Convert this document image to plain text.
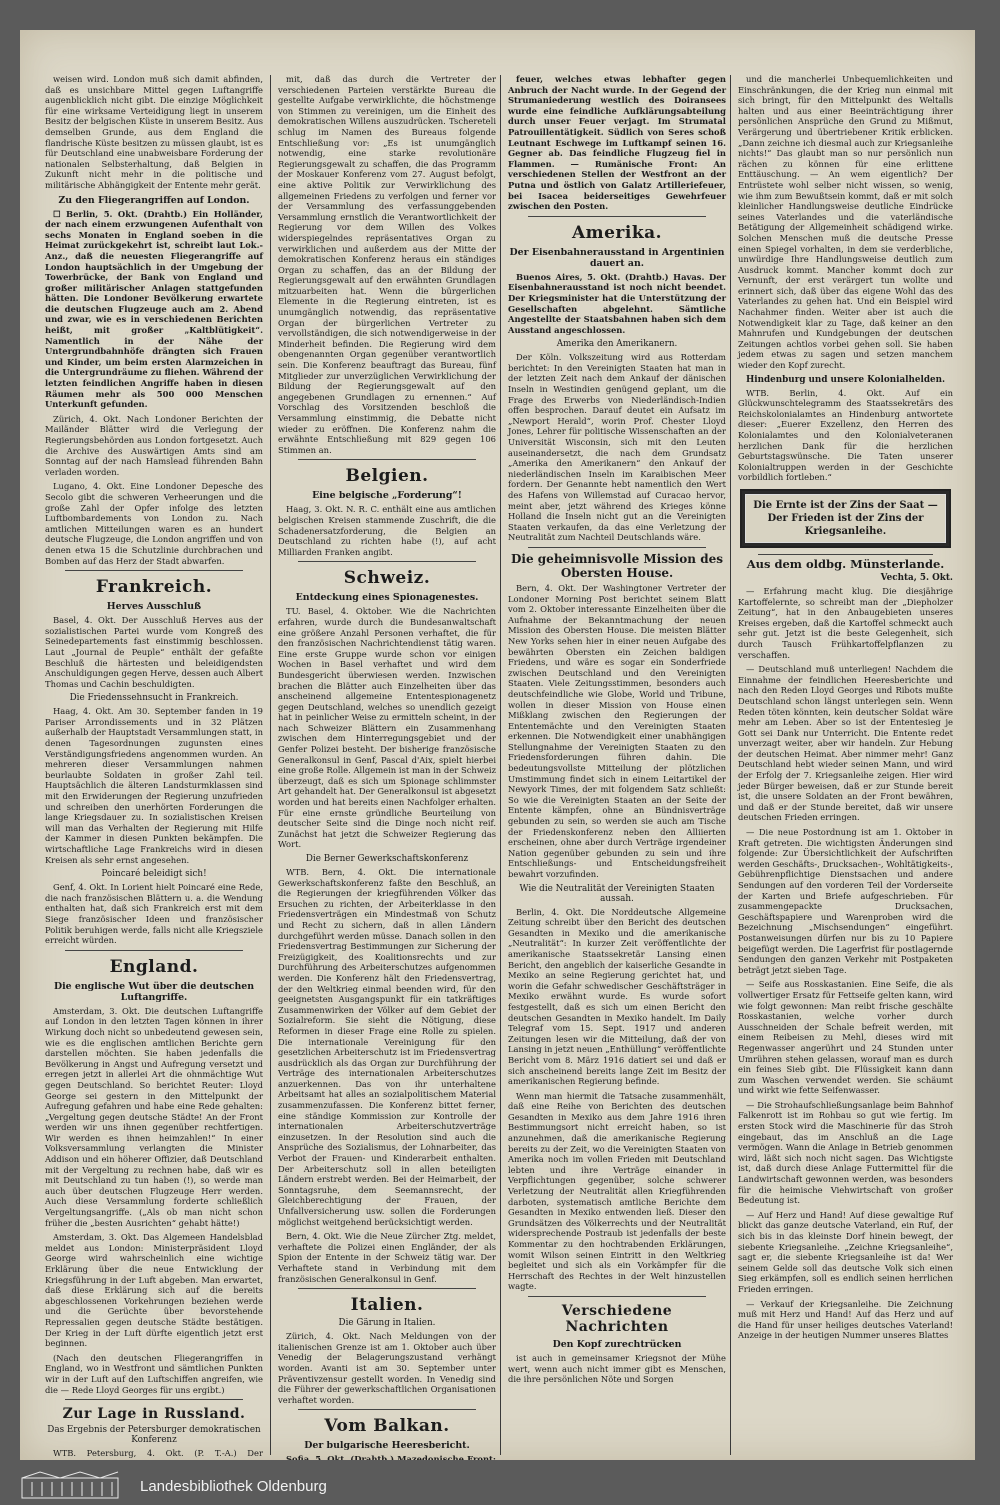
weisen wird. London muß sich damit abfinden, daß es unsichbare Mittel gegen Luftangriffe augenblicklich nicht gibt. Die einzige Möglichkeit für eine wirksame Verteidigung liegt in unserem Besitz der belgischen Küste in unserem Besitz. Aus demselben Grunde, aus dem England die flandrische Küste besitzen zu müssen glaubt, ist es für Deutschland eine unabweisbare Forderung der nationalen Selbsterhaltung, daß Belgien in Zukunft nicht mehr in die politische und militärische Abhängigkeit der Entente mehr gerät.

Zu den Fliegerangriffen auf London.

☐ Berlin, 5. Okt. (Drahtb.) Ein Holländer, der nach einem erzwungenen Aufenthalt von sechs Monaten in England soeben in die Heimat zurückgekehrt ist, schreibt laut Lok.-Anz., daß die neuesten Fliegerangriffe auf London hauptsächlich in der Umgebung der Towerbrücke, der Bank von England und großer militärischer Anlagen stattgefunden hätten. Die Londoner Bevölkerung erwartete die deutschen Flugzeuge auch am 2. Abend und zwar, wie es in verschiedenen Berichten heißt, mit großer „Kaltblütigkeit“. Namentlich in der Nähe der Untergrundbahnhöfe drängten sich Frauen und Kinder, um beim ersten Alarmzeichen in die Untergrundräume zu fliehen. Während der letzten feindlichen Angriffe haben in diesen Räumen mehr als 500 000 Menschen Unterkunft gefunden.

Zürich, 4. Okt. Nach Londoner Berichten der Mailänder Blätter wird die Verlegung der Regierungsbehörden aus London fortgesetzt. Auch die Archive des Auswärtigen Amts sind am Sonntag auf der nach Hamslead führenden Bahn verladen worden.

Lugano, 4. Okt. Eine Londoner Depesche des Secolo gibt die schweren Verheerungen und die große Zahl der Opfer infolge des letzten Luftbombardements von London zu. Nach amtlichen Mitteilungen waren es an hundert deutsche Flugzeuge, die London angriffen und von denen etwa 15 die Schutzlinie durchbrachen und Bomben auf das Herz der Stadt abwarfen.

Frankreich.
Herves Ausschluß

Basel, 4. Okt. Der Ausschluß Herves aus der sozialistischen Partei wurde vom Kongreß des Seinedepartements fast einstimmig beschlossen. Laut „Journal de Peuple“ enthält der gefaßte Beschluß die härtesten und beleidigendsten Anschuldigungen gegen Herve, dessen auch Albert Thomas und Cachin beschuldigten.

Die Friedenssehnsucht in Frankreich.

Haag, 4. Okt. Am 30. September fanden in 19 Pariser Arrondissements und in 32 Plätzen außerhalb der Hauptstadt Versammlungen statt, in denen Tagesordnungen zugunsten eines Verständigungsfriedens angenommen wurden. An mehreren dieser Versammlungen nahmen beurlaubte Soldaten in großer Zahl teil. Hauptsächlich die älteren Landsturmklassen sind mit den Erwiderungen der Regierung unzufrieden und schreiben den unerhörten Forderungen die lange Kriegsdauer zu. In sozialistischen Kreisen will man das Verhalten der Regierung mit Hilfe der Kammer in diesen Punkten bekämpfen. Die wirtschaftliche Lage Frankreichs wird in diesen Kreisen als sehr ernst angesehen.

Poincaré beleidigt sich!

Genf, 4. Okt. In Lorient hielt Poincaré eine Rede, die nach französischen Blättern u. a. die Wendung enthalten hat, daß sich Frankreich erst mit dem Siege französischer Ideen und französischer Politik beruhigen werde, falls nicht alle Kriegsziele erreicht würden.

England.
Die englische Wut über die deutschen Luftangriffe.

Amsterdam, 3. Okt. Die deutschen Luftangriffe auf London in den letzten Tagen können in ihrer Wirkung doch nicht so unbedeutend gewesen sein, wie es die englischen amtlichen Berichte gern darstellen möchten. Sie haben jedenfalls die Bevölkerung in Angst und Aufregung versetzt und erregen jetzt in allerlei Art die ohnmächtige Wut gegen Deutschland. So berichtet Reuter: Lloyd George sei gestern in den Mittelpunkt der Aufregung gefahren und habe eine Rede gehalten: „Vergeltung gegen deutsche Städte! An der Front werden wir uns ihnen gegenüber rechtfertigen. Wir werden es ihnen heimzahlen!“ In einer Volksversammlung verlangten die Minister Addison und ein höherer Offizier, daß Deutschland mit der Vergeltung zu rechnen habe, daß wir es mit Deutschland zu tun haben (!), so werde man auch über deutschen Flugzeuge Herr werden. Auch diese Versammlung forderte schließlich Vergeltungsangriffe. („Als ob man nicht schon früher die „besten Ausrichten“ gehabt hätte!)

Amsterdam, 3. Okt. Das Algemeen Handelsblad meldet aus London: Ministerpräsident Lloyd George wird wahrscheinlich eine wichtige Erklärung über die neue Entwicklung der Kriegsführung in der Luft abgeben. Man erwartet, daß diese Erklärung sich auf die bereits abgeschlossenen Vorkehrungen beziehen werde und die Gerüchte über bevorstehende Repressalien gegen deutsche Städte bestätigen. Der Krieg in der Luft dürfte eigentlich jetzt erst beginnen.

(Nach den deutschen Fliegerangriffen in England, wo in Westfront und sämtlichen Punkten wir in der Luft auf den Luftschiffen angreifen, wie die — Rede Lloyd Georges für uns ergibt.)

Zur Lage in Russland.
Das Ergebnis der Petersburger demokratischen Konferenz

WTB. Petersburg, 4. Okt. (P. T.-A.) Der

mit, daß das durch die Vertreter der verschiedenen Parteien verstärkte Bureau die gestellte Aufgabe verwirklichte, die höchstmenge von Stimmen zu vereinigen, um die Einheit des demokratischen Willens auszudrücken. Tschereteli schlug im Namen des Bureaus folgende Entschließung vor: „Es ist unumgänglich notwendig, eine starke revolutionäre Regierungsgewalt zu schaffen, die das Programm der Moskauer Konferenz vom 27. August befolgt, eine aktive Politik zur Verwirklichung des allgemeinen Friedens zu verfolgen und ferner vor der Versammlung des verfassunggebenden Versammlung ernstlich die Verantwortlichkeit der Regierung vor dem Willen des Volkes widerspiegelndes repräsentatives Organ zu verwirklichen und außerdem aus der Mitte der demokratischen Konferenz heraus ein ständiges Organ zu schaffen, das an der Bildung der Regierungsgewalt auf den erwähnten Grundlagen mitzuarbeiten hat. Wenn die bürgerlichen Elemente in die Regierung eintreten, ist es unumgänglich notwendig, das repräsentative Organ der bürgerlichen Vertreter zu vervollständigen, die sich notwendigerweise in der Minderheit befinden. Die Regierung wird dem obengenannten Organ gegenüber verantwortlich sein. Die Konferenz beauftragt das Bureau, fünf Mitglieder zur unverzüglichen Verwirklichung der Bildung der Regierungsgewalt auf den angegebenen Grundlagen zu ernennen.“ Auf Vorschlag des Vorsitzenden beschloß die Versammlung einstimmig, die Debatte nicht wieder zu eröffnen. Die Konferenz nahm die erwähnte Entschließung mit 829 gegen 106 Stimmen an.

Belgien.
Eine belgische „Forderung“!

Haag, 3. Okt. N. R. C. enthält eine aus amtlichen belgischen Kreisen stammende Zuschrift, die die Schadenersatzforderung, die Belgien an Deutschland zu richten habe (!), auf acht Milliarden Franken angibt.

Schweiz.
Entdeckung eines Spionagenestes.

TU. Basel, 4. Oktober. Wie die Nachrichten erfahren, wurde durch die Bundesanwaltschaft eine größere Anzahl Personen verhaftet, die für den französischen Nachrichtendienst tätig waren. Eine erste Gruppe wurde schon vor einigen Wochen in Basel verhaftet und wird dem Bundesgericht überwiesen werden. Inzwischen brachen die Blätter auch Einzelheiten über das anscheinend allgemeine Ententespionagenetz gegen Deutschland, welches so unendlich gezeigt hat in peinlicher Weise zu ermitteln scheint, in der nach Schweizer Blättern ein Zusammenhang zwischen dem Hinterregungsgebiet und der Genfer Polizei besteht. Der bisherige französische Generalkonsul in Genf, Pascal d'Aix, spielt hierbei eine große Rolle. Allgemein ist man in der Schweiz überzeugt, daß es sich um Spionage schlimmster Art gehandelt hat. Der Generalkonsul ist abgesetzt worden und hat bereits einen Nachfolger erhalten. Für eine ernste gründliche Beurteilung von deutscher Seite sind die Dinge noch nicht reif. Zunächst hat jetzt die Schweizer Regierung das Wort.

Die Berner Gewerkschaftskonferenz

WTB. Bern, 4. Okt. Die internationale Gewerkschaftskonferenz faßte den Beschluß, an die Regierungen der kriegführenden Völker das Ersuchen zu richten, der Arbeiterklasse in den Friedensverträgen ein Mindestmaß von Schutz und Recht zu sichern, daß in allen Ländern durchgeführt werden müsse. Danach sollen in den Friedensvertrag Bestimmungen zur Sicherung der Freizügigkeit, des Koalitionsrechts und zur Durchführung des Arbeiterschutzes aufgenommen werden. Die Konferenz hält den Friedensvertrag, der den Weltkrieg einmal beenden wird, für den geeignetsten Ausgangspunkt für ein tatkräftiges Zusammenwirken der Völker auf dem Gebiet der Sozialreform. Sie sieht die Nötigung, diese Reformen in dieser Frage eine Rolle zu spielen. Die internationale Vereinigung für den gesetzlichen Arbeiterschutz ist im Friedensvertrag ausdrücklich als das Organ zur Durchführung der Verträge des internationalen Arbeiterschutzes anzuerkennen. Das von ihr unterhaltene Arbeitsamt hat alles an sozialpolitischem Material zusammenzufassen. Die Konferenz bittet ferner, eine ständige Kommission zur Kontrolle der internationalen Arbeiterschutzverträge einzusetzen. In der Resolution sind auch die Ansprüche des Sozialismus, der Lohnarbeiter, das Verbot der Frauen- und Kinderarbeit enthalten. Der Arbeiterschutz soll in allen beteiligten Ländern erstrebt werden. Bei der Heimarbeit, der Sonntagsruhe, dem Seemannsrecht, der Gleichberechtigung der Frauen, der Unfallversicherung usw. sollen die Forderungen möglichst weitgehend berücksichtigt werden.

Bern, 4. Okt. Wie die Neue Zürcher Ztg. meldet, verhaftete die Polizei einen Engländer, der als Spion der Entente in der Schweiz tätig war. Der Verhaftete stand in Verbindung mit dem französischen Generalkonsul in Genf.

Italien.
Die Gärung in Italien.

Zürich, 4. Okt. Nach Meldungen von der italienischen Grenze ist am 1. Oktober auch über Venedig der Belagerungszustand verhängt worden. Avanti ist am 30. September unter Präventivzensur gestellt worden. In Venedig sind die Führer der gewerkschaftlichen Organisationen verhaftet worden.

Vom Balkan.
Der bulgarische Heeresbericht.

feuer, welches etwas lebhafter gegen Anbruch der Nacht wurde. In der Gegend der Strumaniederung westlich des Doiransees wurde eine feindliche Aufklärungsabteilung durch unser Feuer verjagt. Im Strumatal Patrouillentätigkeit. Südlich von Seres schoß Leutnant Eschwege im Luftkampf seinen 16. Gegner ab. Das feindliche Flugzeug fiel in Flammen. — Rumänische Front: An verschiedenen Stellen der Westfront an der Putna und östlich von Galatz Artilleriefeuer, bei Isacea beiderseitiges Gewehrfeuer zwischen den Posten.

Amerika.
Der Eisenbahnerausstand in Argentinien dauert an.

Buenos Aires, 5. Okt. (Drahtb.) Havas. Der Eisenbahnerausstand ist noch nicht beendet. Der Kriegsminister hat die Unterstützung der Gesellschaften abgelehnt. Sämtliche Angestellte der Staatsbahnen haben sich dem Ausstand angeschlossen.

Amerika den Amerikanern.

Der Köln. Volkszeitung wird aus Rotterdam berichtet: In den Vereinigten Staaten hat man in der letzten Zeit nach dem Ankauf der dänischen Inseln in Westindien genügend geplant, um die Frage des Erwerbs von Niederländisch-Indien offen besprochen. Darauf deutet ein Aufsatz im „Newport Herald“, worin Prof. Chester Lloyd Jones, Lehrer für politische Wissenschaften an der Universität Wisconsin, sich mit den Leuten auseinandersetzt, die nach dem Grundsatz „Amerika den Amerikanern“ den Ankauf der niederländischen Inseln im Karaibischen Meer fordern. Der Genannte hebt namentlich den Wert des Hafens von Willemstad auf Curacao hervor, meint aber, jetzt während des Krieges könne Holland die Inseln nicht gut an die Vereinigten Staaten verkaufen, da das eine Verletzung der Neutralität zum Nachteil Deutschlands wäre.

Die geheimnisvolle Mission des Obersten House.

Bern, 4. Okt. Der Washingtoner Vertreter der Londoner Morning Post berichtet seinem Blatt vom 2. Oktober interessante Einzelheiten über die Aufnahme der Bekanntmachung der neuen Mission des Obersten House. Die meisten Blätter New Yorks sehen hier in einer neuen Aufgabe des bewährten Obersten ein Zeichen baldigen Friedens, und wäre es sogar ein Sonderfriede zwischen Deutschland und den Vereinigten Staaten. Viele Zeitungsstimmen, besonders auch deutschfeindliche wie Globe, World und Tribune, wollen in dieser Mission von House einen Mißklang zwischen den Regierungen der Ententemächte und den Vereinigten Staaten erkennen. Die Notwendigkeit einer unabhängigen Stellungnahme der Vereinigten Staaten zu den Friedensforderungen führen dahin. Die bedeutungsvollste Mitteilung der plötzlichen Umstimmung findet sich in einem Leitartikel der Newyork Times, der mit folgendem Satz schließt: So wie die Vereinigten Staaten an der Seite der Entente kämpfen, ohne an Bündnisverträge gebunden zu sein, so werden sie auch am Tische der Friedenskonferenz neben den Alliierten erscheinen, ohne aber durch Verträge irgendeiner Nation gegenüber gebunden zu sein und ihre Entschließungs- und Entscheidungsfreiheit bewahrt vorzufinden.

Wie die Neutralität der Vereinigten Staaten aussah.

Berlin, 4. Okt. Die Norddeutsche Allgemeine Zeitung schreibt über den Bericht des deutschen Gesandten in Mexiko und die amerikanische „Neutralität“: In kurzer Zeit veröffentlichte der amerikanische Staatssekretär Lansing einen Bericht, den angeblich der kaiserliche Gesandte in Mexiko an seine Regierung gerichtet hat, und worin die Gefahr schwedischer Geschäftsträger in Mexiko erwähnt wurde. Es wurde sofort festgestellt, daß es sich um einen Bericht den deutschen Gesandten in Mexiko handelt. Im Daily Telegraf vom 15. Sept. 1917 und anderen Zeitungen lesen wir die Mitteilung, daß der von Lansing in jetzt neuen „Enthüllung“ veröffentlichte Bericht vom 8. März 1916 datiert sei und daß er sich anscheinend bereits lange Zeit im Besitz der amerikanischen Regierung befinde.

Wenn man hiermit die Tatsache zusammenhält, daß eine Reihe von Berichten des deutschen Gesandten in Mexiko aus dem Jahre 1916 ihren Bestimmungsort nicht erreicht haben, so ist anzunehmen, daß die amerikanische Regierung bereits zu der Zeit, wo die Vereinigten Staaten von Amerika noch im vollen Frieden mit Deutschland lebten und ihre Verträge einander in Verpflichtungen gegenüber, solche schwerer Verletzung der Neutralität allen Kriegführenden darboten, systematisch amtliche Berichte dem Gesandten in Mexiko entwenden ließ. Dieser den Grundsätzen des Völkerrechts und der Neutralität widersprechende Postraub ist jedenfalls der beste Kommentar zu den hochtrabenden Erklärungen, womit Wilson seinen Eintritt in den Weltkrieg begleitet und sich als ein Vorkämpfer für die Herrschaft des Rechtes in der Welt hinzustellen wagte.

Verschiedene Nachrichten
Den Kopf zurechtrücken

ist auch in gemeinsamer Kriegsnot der Mühe wert, wenn auch nicht immer gibt es Menschen, die ihre persönlichen Nöte und Sorgen

und die mancherlei Unbequemlichkeiten und Einschränkungen, die der Krieg nun einmal mit sich bringt, für den Mittelpunkt des Weltalls halten und aus einer Beeinträchtigung ihrer persönlichen Ansprüche den Grund zu Mißmut, Verärgerung und übertriebener Kritik erblicken. „Dann zeichne ich diesmal auch zur Kriegsanleihe nichts!“ Das glaubt man so nur persönlich nun rächen zu können für eine erlittene Enttäuschung. — An wem eigentlich? Der Entrüstete wohl selber nicht wissen, so wenig, wie ihm zum Bewußtsein kommt, daß er mit solch kleinlicher Handlungsweise deutliche Eindrücke seines Vaterlandes und die vaterländische Betätigung der Allgemeinheit schädigend wirke. Solchen Menschen muß die deutsche Presse einen Spiegel vorhalten, in dem sie verderbliche, unwürdige Ihre Handlungsweise deutlich zum Ausdruck kommt. Mancher kommt doch zur Vernunft, der erst verärgert tun wollte und erinnert sich, daß über das eigene Wohl das des Vaterlandes zu gehen hat. Und ein Beispiel wird Nachahmer finden. Weiter aber ist auch die Notwendigkeit klar zu Tage, daß keiner an den Mahnrufen und Kundgebungen der deutschen Zeitungen achtlos vorbei gehen soll. Sie haben jedem etwas zu sagen und setzen manchem wieder den Kopf zurecht.

Hindenburg und unsere Kolonialhelden.

WTB. Berlin, 4. Okt. Auf ein Glückwunschtelegramm des Staatssekretärs des Reichskolonialamtes an Hindenburg antwortete dieser: „Euerer Exzellenz, den Herren des Kolonialamtes und den Kolonialveteranen herzlichen Dank für die herzlichen Geburtstagswünsche. Die Taten unserer Kolonialtruppen werden in der Geschichte vorbildlich fortleben.“

Die Ernte ist der Zins der Saat — Der Frieden ist der Zins der Kriegsanleihe.
Aus dem oldbg. Münsterlande.
Vechta, 5. Okt.

— Erfahrung macht klug. Die diesjährige Kartoffelernte, so schreibt man der „Diepholzer Zeitung“, hat in den Anbaugebieten unseres Kreises ergeben, daß die Kartoffel schmeckt auch sehr gut. Jetzt ist die beste Gelegenheit, sich durch Tausch Frühkartoffelpflanzen zu verschaffen.

— Deutschland muß unterliegen! Nachdem die Einnahme der feindlichen Heeresberichte und nach den Reden Lloyd Georges und Ribots mußte Deutschland schon längst unterlegen sein. Wenn Reden töten könnten, kein deutscher Soldat wäre mehr am Leben. Aber so ist der Ententesieg je Gott sei Dank nur Unterricht. Die Entente redet unverzagt weiter, aber wir handeln. Zur Hebung der deutschen Heimat. Aber nimmer mehr! Ganz Deutschland hebt wieder seinen Mann, und wird der Erfolg der 7. Kriegsanleihe zeigen. Hier wird jeder Bürger beweisen, daß er zur Stunde bereit ist, die unsere Soldaten an der Front bewähren, und daß er der Stunde bereitet, daß wir unsere deutschen Frieden erringen.

— Die neue Postordnung ist am 1. Oktober in Kraft getreten. Die wichtigsten Änderungen sind folgende: Zur Übersichtlichkeit der Aufschriften werden Geschäfts-, Drucksachen-, Wohltätigkeits-, Gebührenpflichtige Dienstsachen und andere Sendungen auf den vorderen Teil der Vorderseite der Karten und Briefe aufgeschrieben. Für zusammengepackte Drucksachen, Geschäftspapiere und Warenproben wird die Bezeichnung „Mischsendungen“ eingeführt. Postanweisungen dürfen nur bis zu 10 Papiere beigefügt werden. Die Lagerfrist für postlagernde Sendungen den ganzen Verkehr mit Postpaketen beträgt jetzt sieben Tage.

— Seife aus Rosskastanien. Eine Seife, die als vollwertiger Ersatz für Fettseife gelten kann, wird wie folgt gewonnen: Man reibt frische geschälte Rosskastanien, welche vorher durch Ausschneiden der Schale befreit werden, mit einem Reibeisen zu Mehl, dieses wird mit Regenwasser angerührt und 24 Stunden unter Umrühren stehen gelassen, worauf man es durch ein feines Sieb gibt. Die Flüssigkeit kann dann zum Waschen verwendet werden. Sie schäumt und wirkt wie fette Seifenwasser.

— Die Strohaufschließungsanlage beim Bahnhof Falkenrott ist im Rohbau so gut wie fertig. Im ersten Stock wird die Maschinerie für das Stroh eingebaut, das im Anschluß an die Lage vermögen. Wann die Anlage in Betrieb genommen wird, läßt sich noch nicht sagen. Das Wichtigste ist, daß durch diese Anlage Futtermittel für die Landwirtschaft gewonnen werden, was besonders für die heimische Viehwirtschaft von großer Bedeutung ist.

— Auf Herz und Hand! Auf diese gewaltige Ruf blickt das ganze deutsche Vaterland, ein Ruf, der sich bis in das kleinste Dorf hinein bewegt, der siebente Kriegsanleihe. „Zeichne Kriegsanleihe“, sagt er, die siebente Kriegsanleihe ist da! Wer seinem Gelde soll das deutsche Volk sich einen Sieg erkämpfen, soll es endlich seinen herrlichen Frieden erringen.

— Verkauf der Kriegsanleihe. Die Zeichnung muß mit Herz und Hand! Auf das Herz und auf die Hand für unser heiliges deutsches Vaterland! Anzeige in der heutigen Nummer unseres Blattes

Landesbibliothek Oldenburg
